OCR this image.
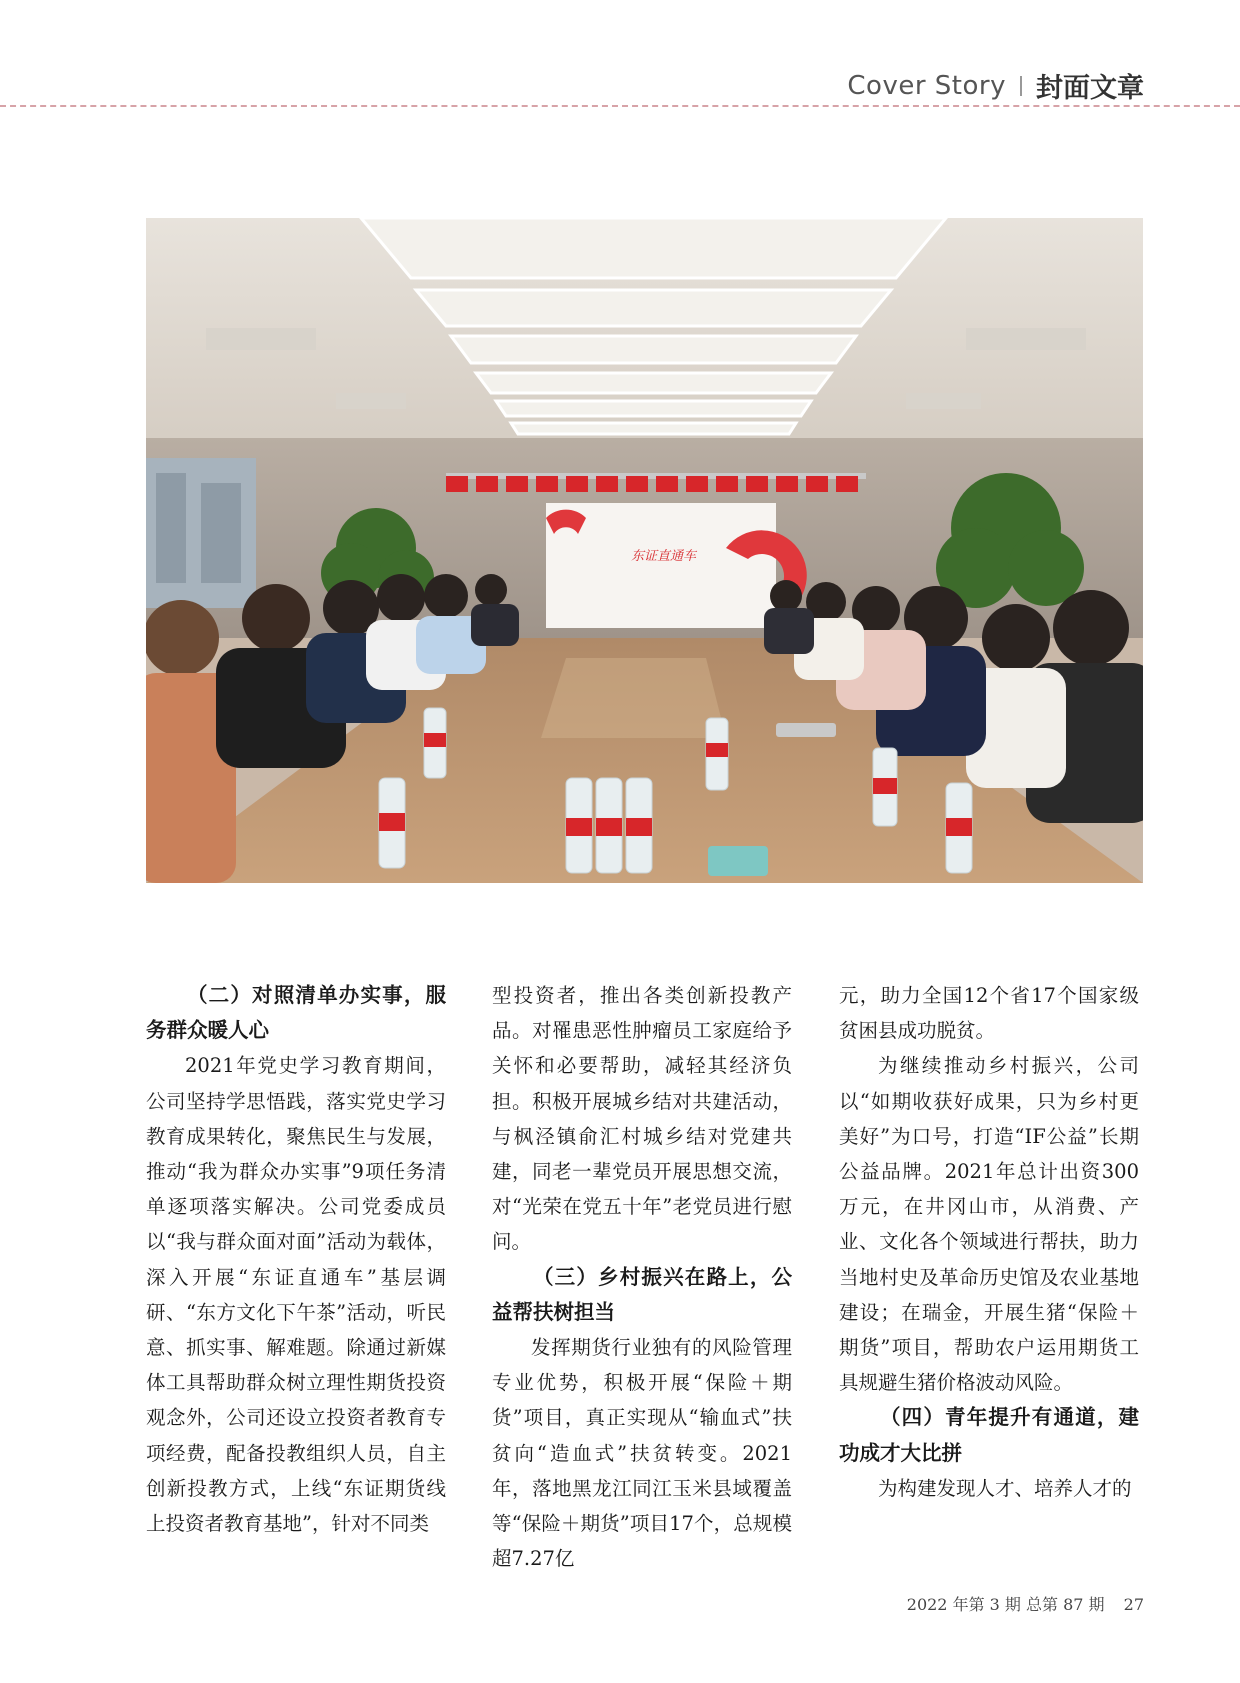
Cover Story 封面文章
东证直通车
（二）对照清单办实事，服务群众暖人心

2021年党史学习教育期间，公司坚持学思悟践，落实党史学习教育成果转化，聚焦民生与发展，推动“我为群众办实事”9项任务清单逐项落实解决。公司党委成员以“我与群众面对面”活动为载体，深入开展“东证直通车”基层调研、“东方文化下午茶”活动，听民意、抓实事、解难题。除通过新媒体工具帮助群众树立理性期货投资观念外，公司还设立投资者教育专项经费，配备投教组织人员，自主创新投教方式，上线“东证期货线上投资者教育基地”，针对不同类

型投资者，推出各类创新投教产品。对罹患恶性肿瘤员工家庭给予关怀和必要帮助，减轻其经济负担。积极开展城乡结对共建活动，与枫泾镇俞汇村城乡结对党建共建，同老一辈党员开展思想交流，对“光荣在党五十年”老党员进行慰问。

（三）乡村振兴在路上，公益帮扶树担当

发挥期货行业独有的风险管理专业优势，积极开展“保险＋期货”项目，真正实现从“输血式”扶贫向“造血式”扶贫转变。2021年，落地黑龙江同江玉米县域覆盖等“保险＋期货”项目17个，总规模超7.27亿

元，助力全国12个省17个国家级贫困县成功脱贫。

为继续推动乡村振兴，公司以“如期收获好成果，只为乡村更美好”为口号，打造“IF公益”长期公益品牌。2021年总计出资300万元，在井冈山市，从消费、产业、文化各个领域进行帮扶，助力当地村史及革命历史馆及农业基地建设；在瑞金，开展生猪“保险＋期货”项目，帮助农户运用期货工具规避生猪价格波动风险。

（四）青年提升有通道，建功成才大比拼

为构建发现人才、培养人才的

2022 年第 3 期 总第 87 期 27
